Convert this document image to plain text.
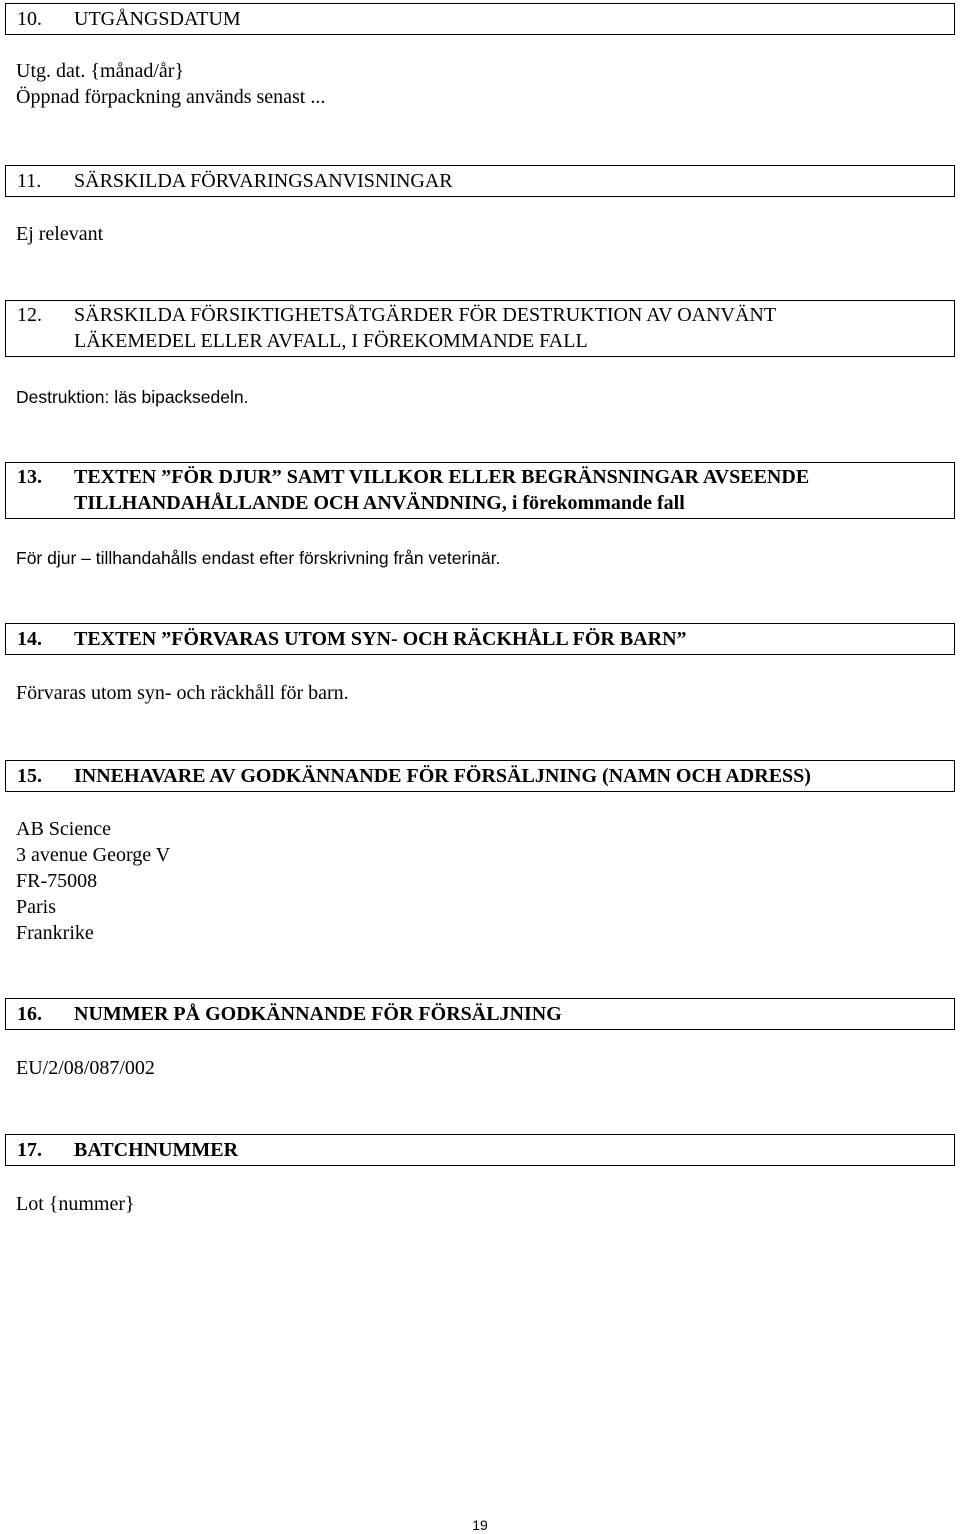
10.	UTGÅNGSDATUM
Utg. dat. {månad/år}
Öppnad förpackning används senast ...
11.	SÄRSKILDA FÖRVARINGSANVISNINGAR
Ej relevant
12.	SÄRSKILDA FÖRSIKTIGHETSÅTGÄRDER FÖR DESTRUKTION AV OANVÄNT
LÄKEMEDEL ELLER AVFALL, I FÖREKOMMANDE FALL
Destruktion: läs bipacksedeln.
13.	TEXTEN ”FÖR DJUR” SAMT VILLKOR ELLER BEGRÄNSNINGAR AVSEENDE
TILLHANDAHÅLLANDE OCH ANVÄNDNING, i förekommande fall
För djur – tillhandahålls endast efter förskrivning från veterinär.
14.	TEXTEN ”FÖRVARAS UTOM SYN- OCH RÄCKHÅLL FÖR BARN”
Förvaras utom syn- och räckhåll för barn.
15.	INNEHAVARE AV GODKÄNNANDE FÖR FÖRSÄLJNING (NAMN OCH ADRESS)
AB Science
3 avenue George V
FR-75008
Paris
Frankrike
16.	NUMMER PÅ GODKÄNNANDE FÖR FÖRSÄLJNING
EU/2/08/087/002
17.	BATCHNUMMER
Lot {nummer}
19
